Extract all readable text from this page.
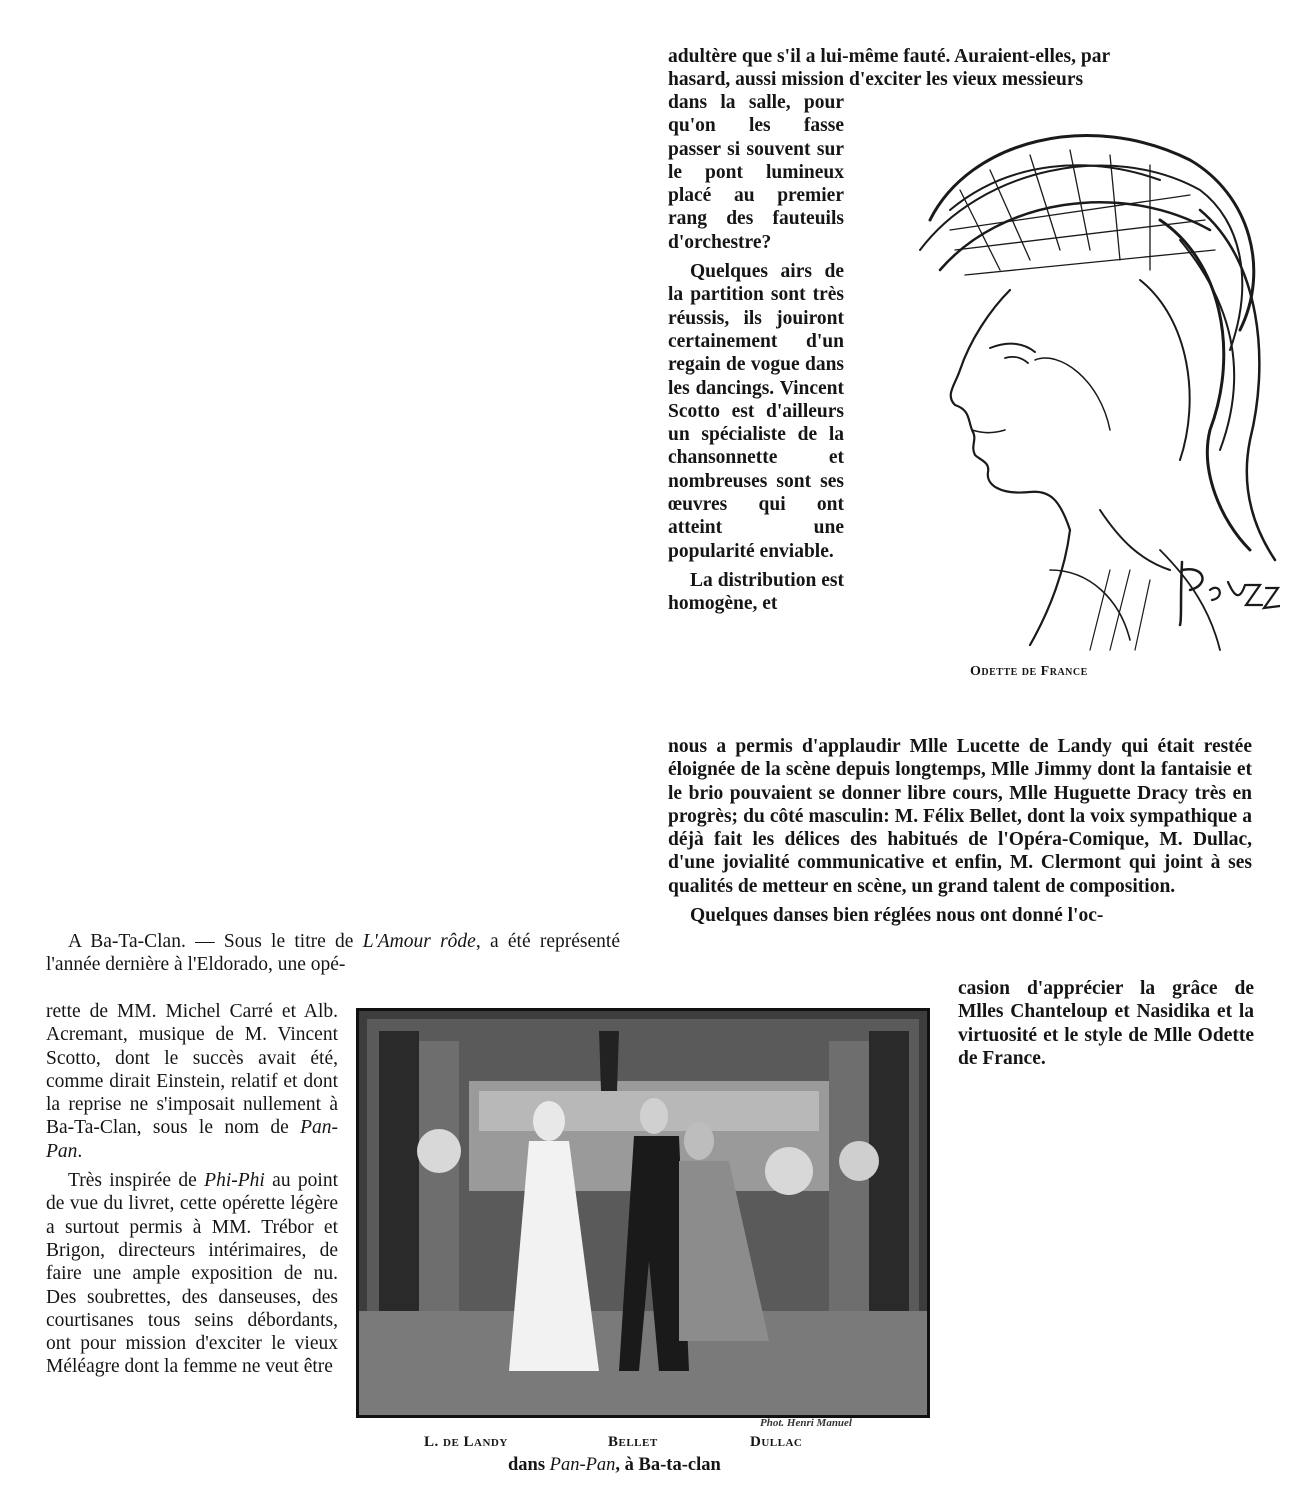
adultère que s'il a lui-même fauté. Auraient-elles, par

hasard, aussi mission d'exciter les vieux messieurs

dans la salle, pour qu'on les fasse passer si souvent sur le pont lumineux placé au premier rang des fauteuils d'orchestre?

Quelques airs de la partition sont très réussis, ils jouiront certainement d'un regain de vogue dans les dancings. Vincent Scotto est d'ailleurs un spécialiste de la chansonnette et nombreuses sont ses œuvres qui ont atteint une popularité enviable.

La distribution est homogène, et

nous a permis d'applaudir Mlle Lucette de Landy qui était restée éloignée de la scène depuis longtemps, Mlle Jimmy dont la fantaisie et le brio pouvaient se donner libre cours, Mlle Huguette Dracy très en progrès; du côté masculin: M. Félix Bellet, dont la voix sympathique a déjà fait les délices des habitués de l'Opéra-Comique, M. Dullac, d'une jovialité communicative et enfin, M. Clermont qui joint à ses qualités de metteur en scène, un grand talent de composition.

Quelques danses bien réglées nous ont donné l'oc-

casion d'apprécier la grâce de Mlles Chanteloup et Nasidika et la virtuosité et le style de Mlle Odette de France.

Odette de France

A Ba-Ta-Clan. — Sous le titre de L'Amour rôde, a été représenté l'année dernière à l'Eldorado, une opé-

rette de MM. Michel Carré et Alb. Acremant, musique de M. Vincent Scotto, dont le succès avait été, comme dirait Einstein, relatif et dont la reprise ne s'imposait nullement à Ba-Ta-Clan, sous le nom de Pan-Pan.

Très inspirée de Phi-Phi au point de vue du livret, cette opérette légère a surtout permis à MM. Trébor et Brigon, directeurs intérimaires, de faire une ample exposition de nu. Des soubrettes, des danseuses, des courtisanes tous seins débordants, ont pour mission d'exciter le vieux Méléagre dont la femme ne veut être

Phot. Henri Manuel
L. de Landy	Bellet	Dullac
dans Pan-Pan, à Ba-ta-clan
